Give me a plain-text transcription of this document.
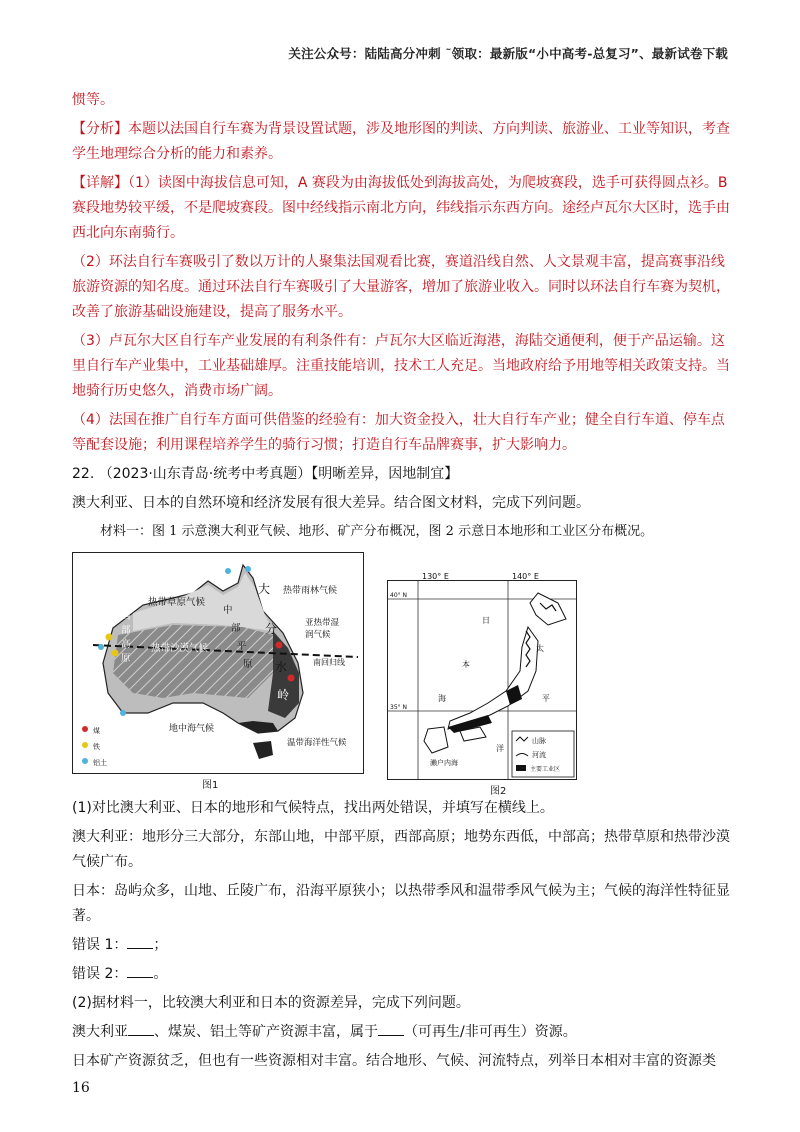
关注公众号：陆陆高分冲刺 ˜领取：最新版“小中高考-总复习”、最新试卷下载

惯等。

【分析】本题以法国自行车赛为背景设置试题，涉及地形图的判读、方向判读、旅游业、工业等知识，考查学生地理综合分析的能力和素养。

【详解】（1）读图中海拔信息可知，A 赛段为由海拔低处到海拔高处，为爬坡赛段，选手可获得圆点衫。B 赛段地势较平缓，不是爬坡赛段。图中经线指示南北方向，纬线指示东西方向。途经卢瓦尔大区时，选手由西北向东南骑行。

（2）环法自行车赛吸引了数以万计的人聚集法国观看比赛，赛道沿线自然、人文景观丰富，提高赛事沿线旅游资源的知名度。通过环法自行车赛吸引了大量游客，增加了旅游业收入。同时以环法自行车赛为契机，改善了旅游基础设施建设，提高了服务水平。

（3）卢瓦尔大区自行车产业发展的有利条件有：卢瓦尔大区临近海港，海陆交通便利，便于产品运输。这里自行车产业集中，工业基础雄厚。注重技能培训，技术工人充足。当地政府给予用地等相关政策支持。当地骑行历史悠久，消费市场广阔。

（4）法国在推广自行车方面可供借鉴的经验有：加大资金投入，壮大自行车产业；健全自行车道、停车点等配套设施；利用课程培养学生的骑行习惯；打造自行车品牌赛事，扩大影响力。

22. （2023·山东青岛·统考中考真题）【明晰差异，因地制宜】

澳大利亚、日本的自然环境和经济发展有很大差异。结合图文材料，完成下列问题。

材料一：图 1 示意澳大利亚气候、地形、矿产分布概况，图 2 示意日本地形和工业区分布概况。

热带草原气候
热带沙漠气候
热带雨林气候
亚热带湿
润气候
地中海气候
温带海洋性气候
南回归线
西
部
高
原
中
部
平
原
大
分
水
岭
煤
铁
铝土
图1
130° E	140° E
40° N
35° N
日
本
海
太
平
洋
濑户内海
山脉
河流
主要工业区
图2

(1)对比澳大利亚、日本的地形和气候特点，找出两处错误，并填写在横线上。

澳大利亚：地形分三大部分，东部山地，中部平原，西部高原；地势东西低，中部高；热带草原和热带沙漠气候广布。

日本：岛屿众多，山地、丘陵广布，沿海平原狭小；以热带季风和温带季风气候为主；气候的海洋性特征显著。

错误 1： ；

错误 2： 。

(2)据材料一，比较澳大利亚和日本的资源差异，完成下列问题。

澳大利亚 、煤炭、铝土等矿产资源丰富，属于 （可再生/非可再生）资源。

日本矿产资源贫乏，但也有一些资源相对丰富。结合地形、气候、河流特点，列举日本相对丰富的资源类

16
